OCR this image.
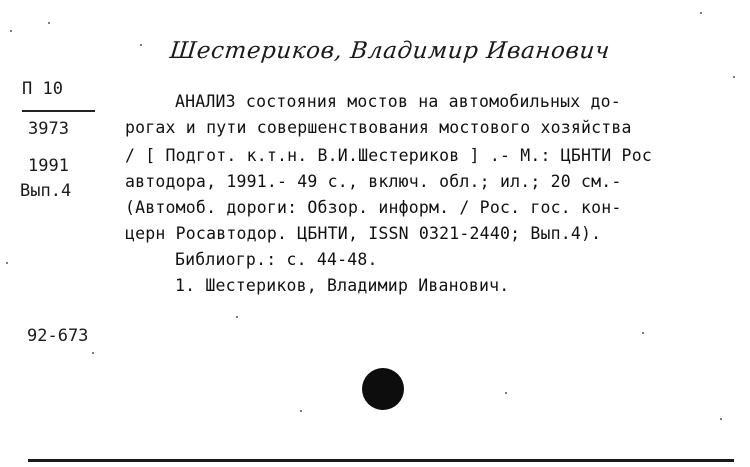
Шестериков, Владимир Иванович
П 10
3973
1991
Вып.4
АНАЛИЗ состояния мостов на автомобильных до-
рогах и пути совершенствования мостового хозяйства
/ [ Подгот. к.т.н. В.И.Шестериков ] .- М.: ЦБНТИ Рос
автодора, 1991.- 49 с., включ. обл.; ил.; 20 см.-
(Автомоб. дороги: Обзор. информ. / Рос. гос. кон-
церн Росавтодор. ЦБНТИ, ISSN 0321-2440; Вып.4).
Библиогр.: с. 44-48.
1. Шестериков, Владимир Иванович.
92-673
